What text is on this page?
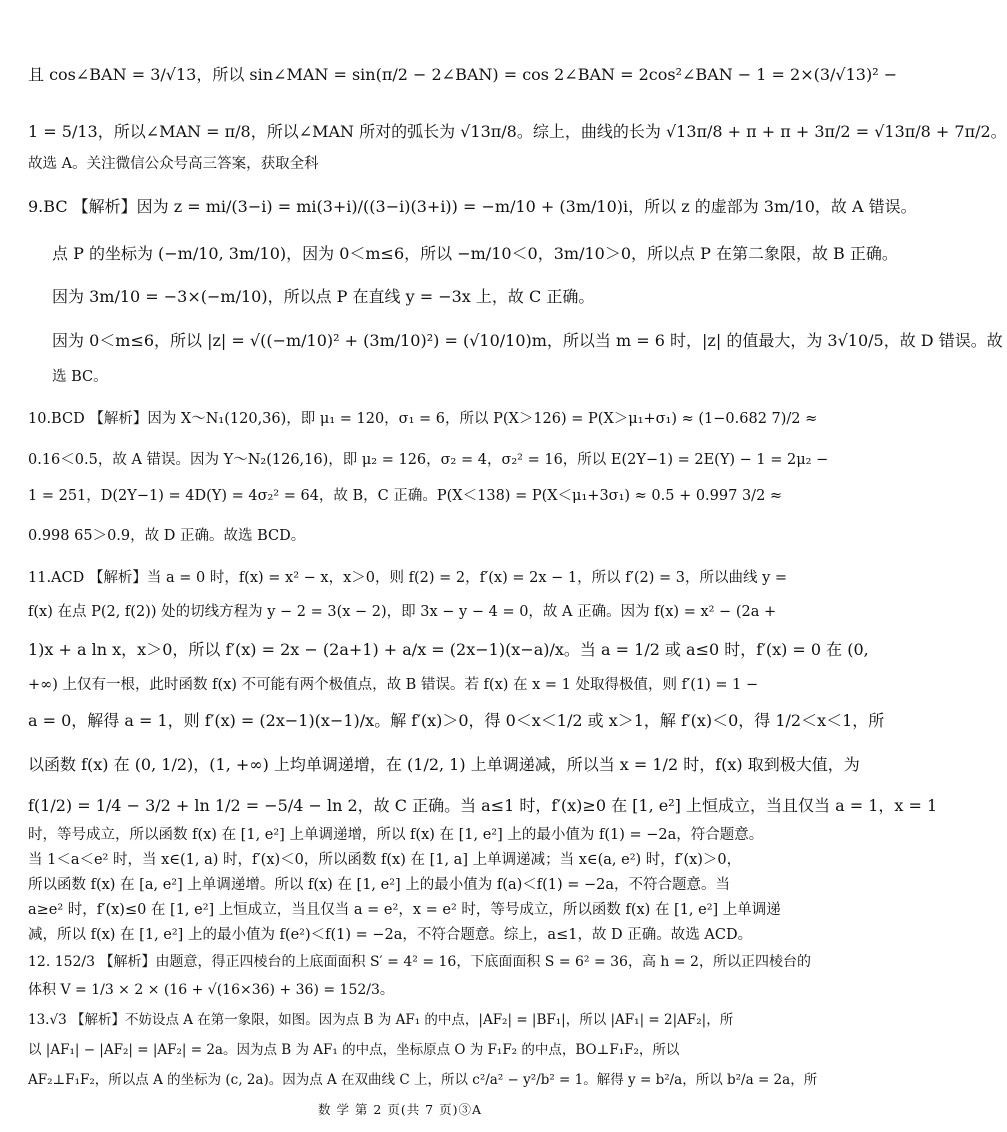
且 cos∠BAN = 3/√13，所以 sin∠MAN = sin(π/2 − 2∠BAN) = cos 2∠BAN = 2cos²∠BAN − 1 = 2×(3/√13)² −
1 = 5/13，所以∠MAN = π/8，所以∠MAN 所对的弧长为 √13π/8。综上，曲线的长为 √13π/8 + π + π + 3π/2 = √13π/8 + 7π/2。
故选 A。关注微信公众号高三答案，获取全科
9.BC 【解析】因为 z = mi/(3−i) = mi(3+i)/((3−i)(3+i)) = −m/10 + (3m/10)i，所以 z 的虚部为 3m/10，故 A 错误。
点 P 的坐标为 (−m/10, 3m/10)，因为 0＜m≤6，所以 −m/10＜0，3m/10＞0，所以点 P 在第二象限，故 B 正确。
因为 3m/10 = −3×(−m/10)，所以点 P 在直线 y = −3x 上，故 C 正确。
因为 0＜m≤6，所以 |z| = √((−m/10)² + (3m/10)²) = (√10/10)m，所以当 m = 6 时，|z| 的值最大，为 3√10/5，故 D 错误。故
选 BC。
10.BCD 【解析】因为 X～N₁(120,36)，即 μ₁ = 120，σ₁ = 6，所以 P(X＞126) = P(X＞μ₁+σ₁) ≈ (1−0.682 7)/2 ≈
0.16＜0.5，故 A 错误。因为 Y～N₂(126,16)，即 μ₂ = 126，σ₂ = 4，σ₂² = 16，所以 E(2Y−1) = 2E(Y) − 1 = 2μ₂ −
1 = 251，D(2Y−1) = 4D(Y) = 4σ₂² = 64，故 B，C 正确。P(X＜138) = P(X＜μ₁+3σ₁) ≈ 0.5 + 0.997 3/2 ≈
0.998 65＞0.9，故 D 正确。故选 BCD。
11.ACD 【解析】当 a = 0 时，f(x) = x² − x，x＞0，则 f(2) = 2，f′(x) = 2x − 1，所以 f′(2) = 3，所以曲线 y =
f(x) 在点 P(2, f(2)) 处的切线方程为 y − 2 = 3(x − 2)，即 3x − y − 4 = 0，故 A 正确。因为 f(x) = x² − (2a +
1)x + a ln x，x＞0，所以 f′(x) = 2x − (2a+1) + a/x = (2x−1)(x−a)/x。当 a = 1/2 或 a≤0 时，f′(x) = 0 在 (0,
+∞) 上仅有一根，此时函数 f(x) 不可能有两个极值点，故 B 错误。若 f(x) 在 x = 1 处取得极值，则 f′(1) = 1 −
a = 0，解得 a = 1，则 f′(x) = (2x−1)(x−1)/x。解 f′(x)＞0，得 0＜x＜1/2 或 x＞1，解 f′(x)＜0，得 1/2＜x＜1，所
以函数 f(x) 在 (0, 1/2)，(1, +∞) 上均单调递增，在 (1/2, 1) 上单调递减，所以当 x = 1/2 时，f(x) 取到极大值，为
f(1/2) = 1/4 − 3/2 + ln 1/2 = −5/4 − ln 2，故 C 正确。当 a≤1 时，f′(x)≥0 在 [1, e²] 上恒成立，当且仅当 a = 1，x = 1
时，等号成立，所以函数 f(x) 在 [1, e²] 上单调递增，所以 f(x) 在 [1, e²] 上的最小值为 f(1) = −2a，符合题意。
当 1＜a＜e² 时，当 x∈(1, a) 时，f′(x)＜0，所以函数 f(x) 在 [1, a] 上单调递减；当 x∈(a, e²) 时，f′(x)＞0，
所以函数 f(x) 在 [a, e²] 上单调递增。所以 f(x) 在 [1, e²] 上的最小值为 f(a)＜f(1) = −2a，不符合题意。当
a≥e² 时，f′(x)≤0 在 [1, e²] 上恒成立，当且仅当 a = e²，x = e² 时，等号成立，所以函数 f(x) 在 [1, e²] 上单调递
减，所以 f(x) 在 [1, e²] 上的最小值为 f(e²)＜f(1) = −2a，不符合题意。综上，a≤1，故 D 正确。故选 ACD。
12. 152/3 【解析】由题意，得正四棱台的上底面面积 S′ = 4² = 16，下底面面积 S = 6² = 36，高 h = 2，所以正四棱台的
体积 V = 1/3 × 2 × (16 + √(16×36) + 36) = 152/3。
13.√3 【解析】不妨设点 A 在第一象限，如图。因为点 B 为 AF₁ 的中点，|AF₂| = |BF₁|，所以 |AF₁| = 2|AF₂|，所
以 |AF₁| − |AF₂| = |AF₂| = 2a。因为点 B 为 AF₁ 的中点，坐标原点 O 为 F₁F₂ 的中点，BO⊥F₁F₂，所以
AF₂⊥F₁F₂，所以点 A 的坐标为 (c, 2a)。因为点 A 在双曲线 C 上，所以 c²/a² − y²/b² = 1。解得 y = b²/a，所以 b²/a = 2a，所
数 学 第 2 页(共 7 页)③A
